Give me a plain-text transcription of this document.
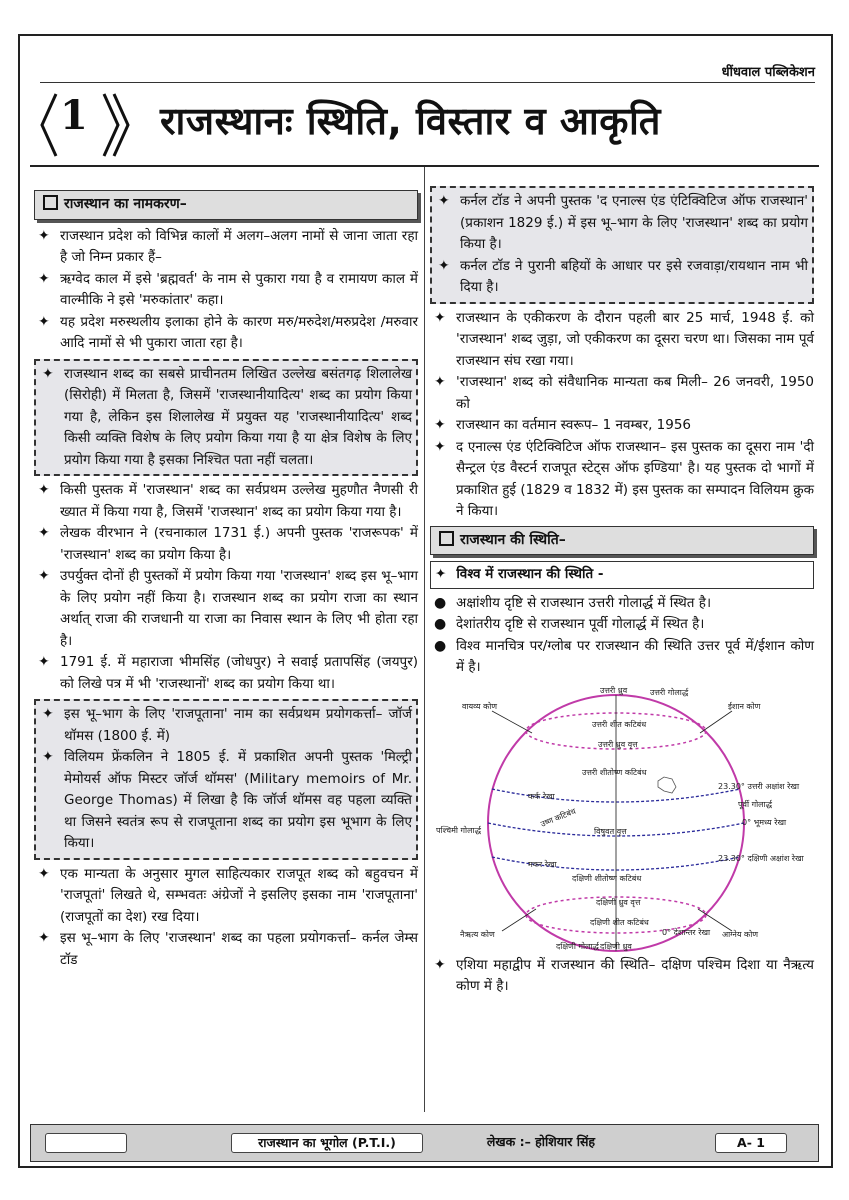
धींधवाल पब्लिकेशन
1 राजस्थानः स्थिति, विस्तार व आकृति
राजस्थान का नामकरण–
✦ राजस्थान प्रदेश को विभिन्न कालों में अलग–अलग नामों से जाना जाता रहा है जो निम्न प्रकार हैं–
✦ ऋग्वेद काल में इसे 'ब्रह्मवर्त' के नाम से पुकारा गया है व रामायण काल में वाल्मीकि ने इसे 'मरुकांतार' कहा।
✦ यह प्रदेश मरुस्थलीय इलाका होने के कारण मरु/मरुदेश/मरुप्रदेश /मरुवार आदि नामों से भी पुकारा जाता रहा है।
✦ राजस्थान शब्द का सबसे प्राचीनतम लिखित उल्लेख बसंतगढ़ शिलालेख (सिरोही) में मिलता है, जिसमें 'राजस्थानीयादित्य' शब्द का प्रयोग किया गया है, लेकिन इस शिलालेख में प्रयुक्त यह 'राजस्थानीयादित्य' शब्द किसी व्यक्ति विशेष के लिए प्रयोग किया गया है या क्षेत्र विशेष के लिए प्रयोग किया गया है इसका निश्चित पता नहीं चलता।
✦ किसी पुस्तक में 'राजस्थान' शब्द का सर्वप्रथम उल्लेख मुहणौत नैणसी री ख्यात में किया गया है, जिसमें 'राजस्थान' शब्द का प्रयोग किया गया है।
✦ लेखक वीरभान ने (रचनाकाल 1731 ई.) अपनी पुस्तक 'राजरूपक' में 'राजस्थान' शब्द का प्रयोग किया है।
✦ उपर्युक्त दोनों ही पुस्तकों में प्रयोग किया गया 'राजस्थान' शब्द इस भू–भाग के लिए प्रयोग नहीं किया है। राजस्थान शब्द का प्रयोग राजा का स्थान अर्थात् राजा की राजधानी या राजा का निवास स्थान के लिए भी होता रहा है।
✦ 1791 ई. में महाराजा भीमसिंह (जोधपुर) ने सवाई प्रतापसिंह (जयपुर) को लिखे पत्र में भी 'राजस्थानों' शब्द का प्रयोग किया था।
✦ इस भू–भाग के लिए 'राजपूताना' नाम का सर्वप्रथम प्रयोगकर्त्ता– जॉर्ज थॉमस (1800 ई. में)
✦ विलियम फ्रेंकलिन ने 1805 ई. में प्रकाशित अपनी पुस्तक 'मिल्ट्री मेमोयर्स ऑफ मिस्टर जॉर्ज थॉमस' (Military memoirs of Mr. George Thomas) में लिखा है कि जॉर्ज थॉमस वह पहला व्यक्ति था जिसने स्वतंत्र रूप से राजपूताना शब्द का प्रयोग इस भूभाग के लिए किया।
✦ एक मान्यता के अनुसार मुगल साहित्यकार राजपूत शब्द को बहुवचन में 'राजपूतां' लिखते थे, सम्भवतः अंग्रेजों ने इसलिए इसका नाम 'राजपूताना' (राजपूतों का देश) रख दिया।
✦ इस भू–भाग के लिए 'राजस्थान' शब्द का पहला प्रयोगकर्त्ता– कर्नल जेम्स टॉड
✦ कर्नल टॉड ने अपनी पुस्तक 'द एनाल्स एंड एंटिक्विटिज ऑफ राजस्थान' (प्रकाशन 1829 ई.) में इस भू–भाग के लिए 'राजस्थान' शब्द का प्रयोग किया है।
✦ कर्नल टॉड ने पुरानी बहियों के आधार पर इसे रजवाड़ा/रायथान नाम भी दिया है।
✦ राजस्थान के एकीकरण के दौरान पहली बार 25 मार्च, 1948 ई. को 'राजस्थान' शब्द जुड़ा, जो एकीकरण का दूसरा चरण था। जिसका नाम पूर्व राजस्थान संघ रखा गया।
✦ 'राजस्थान' शब्द को संवैधानिक मान्यता कब मिली– 26 जनवरी, 1950 को
✦ राजस्थान का वर्तमान स्वरूप– 1 नवम्बर, 1956
✦ द एनाल्स एंड एंटिक्विटिज ऑफ राजस्थान– इस पुस्तक का दूसरा नाम 'दी सैन्ट्रल एंड वैस्टर्न राजपूत स्टेट्स ऑफ इण्डिया' है। यह पुस्तक दो भागों में प्रकाशित हुई (1829 व 1832 में) इस पुस्तक का सम्पादन विलियम क्रुक ने किया।
राजस्थान की स्थिति–
✦ विश्व में राजस्थान की स्थिति -
● अक्षांशीय दृष्टि से राजस्थान उत्तरी गोलार्द्ध में स्थित है।
● देशांतरीय दृष्टि से राजस्थान पूर्वी गोलार्द्ध में स्थित है।
● विश्व मानचित्र पर/ग्लोब पर राजस्थान की स्थिति उत्तर पूर्व में/ईशान कोण में है।
उत्तरी ध्रुव	उत्तरी गोलार्द्ध
उत्तरी शीत कटिबंध
उत्तरी ध्रुव वृत्त
उत्तरी शीतोष्ण कटिबंध
कर्क रेखा
उष्ण कटिबंध
विषुवत वृत्त
मकर रेखा
दक्षिणी शीतोष्ण कटिबंध
दक्षिणी ध्रुव वृत्त
दक्षिणी शीत कटिबंध
दक्षिणी ध्रुव
दक्षिणी गोलार्द्ध
वायव्य कोण	ईशान कोण
नैऋत्य कोण	आग्नेय कोण
पश्चिमी गोलार्द्ध
पूर्वी गोलार्द्ध
23.30° उत्तरी अक्षांश रेखा
0° भूमध्य रेखा
23.30° दक्षिणी अक्षांश रेखा
0° देशान्तर रेखा
✦ एशिया महाद्वीप में राजस्थान की स्थिति– दक्षिण पश्चिम दिशा या नैऋत्य कोण में है।
राजस्थान का भूगोल (P.T.I.)	लेखक :– होशियार सिंह	A- 1
